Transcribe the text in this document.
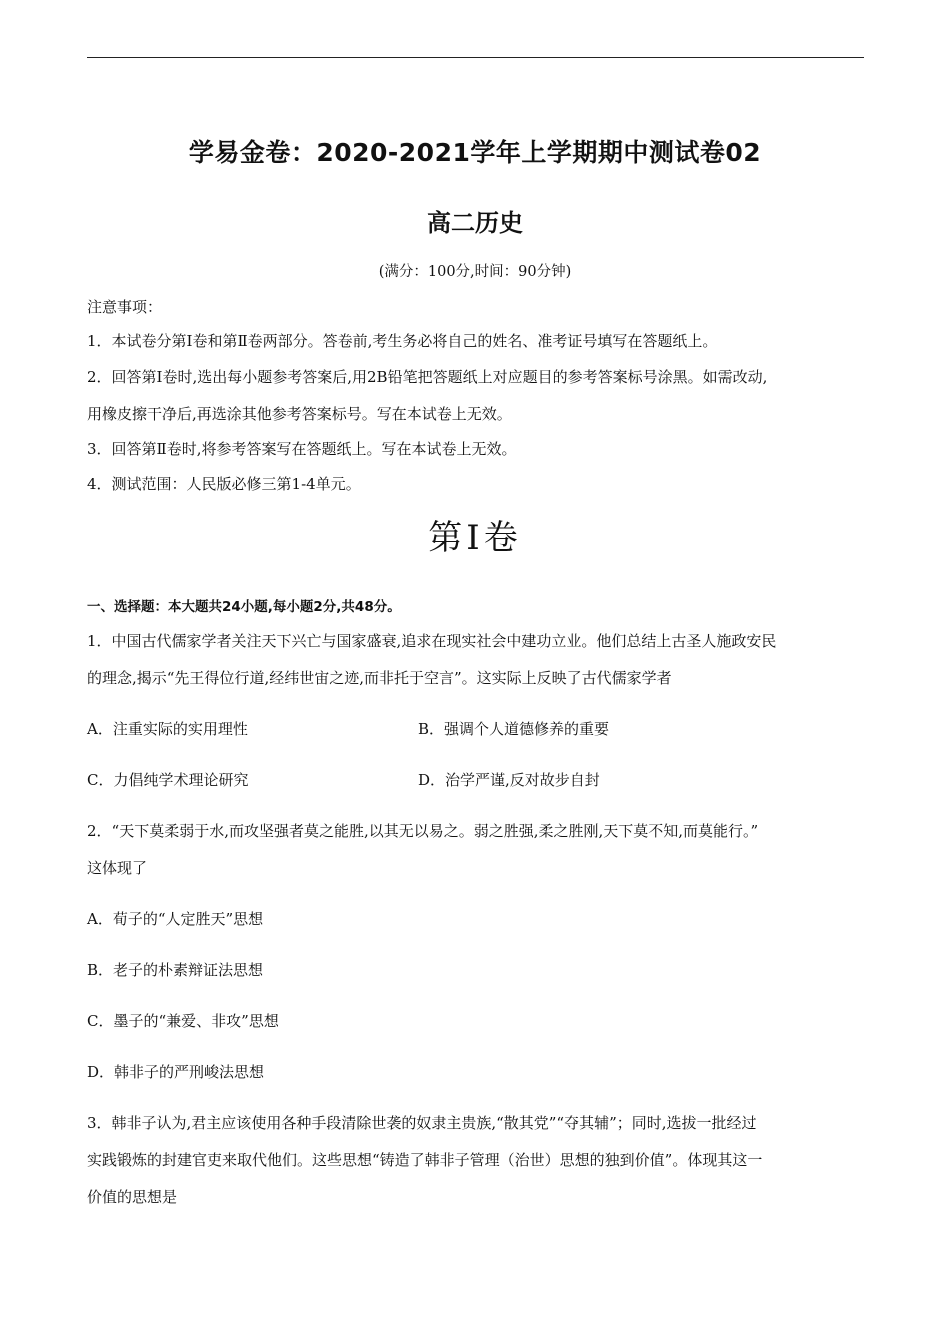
学易金卷：2020-2021学年上学期期中测试卷02
高二历史
(满分：100分,时间：90分钟)
注意事项：
1．本试卷分第Ⅰ卷和第Ⅱ卷两部分。答卷前,考生务必将自己的姓名、准考证号填写在答题纸上。
2．回答第Ⅰ卷时,选出每小题参考答案后,用2B铅笔把答题纸上对应题目的参考答案标号涂黑。如需改动,
用橡皮擦干净后,再选涂其他参考答案标号。写在本试卷上无效。
3．回答第Ⅱ卷时,将参考答案写在答题纸上。写在本试卷上无效。
4．测试范围：人民版必修三第1-4单元。
第Ⅰ卷
一、选择题：本大题共24小题,每小题2分,共48分。
1．中国古代儒家学者关注天下兴亡与国家盛衰,追求在现实社会中建功立业。他们总结上古圣人施政安民
的理念,揭示“先王得位行道,经纬世宙之迹,而非托于空言”。这实际上反映了古代儒家学者
A．注重实际的实用理性	B．强调个人道德修养的重要
C．力倡纯学术理论研究	D．治学严谨,反对故步自封
2．“天下莫柔弱于水,而攻坚强者莫之能胜,以其无以易之。弱之胜强,柔之胜刚,天下莫不知,而莫能行。”
这体现了
A．荀子的“人定胜天”思想
B．老子的朴素辩证法思想
C．墨子的“兼爱、非攻”思想
D．韩非子的严刑峻法思想
3．韩非子认为,君主应该使用各种手段清除世袭的奴隶主贵族,“散其党”“夺其辅”；同时,选拔一批经过
实践锻炼的封建官吏来取代他们。这些思想“铸造了韩非子管理（治世）思想的独到价值”。体现其这一
价值的思想是
